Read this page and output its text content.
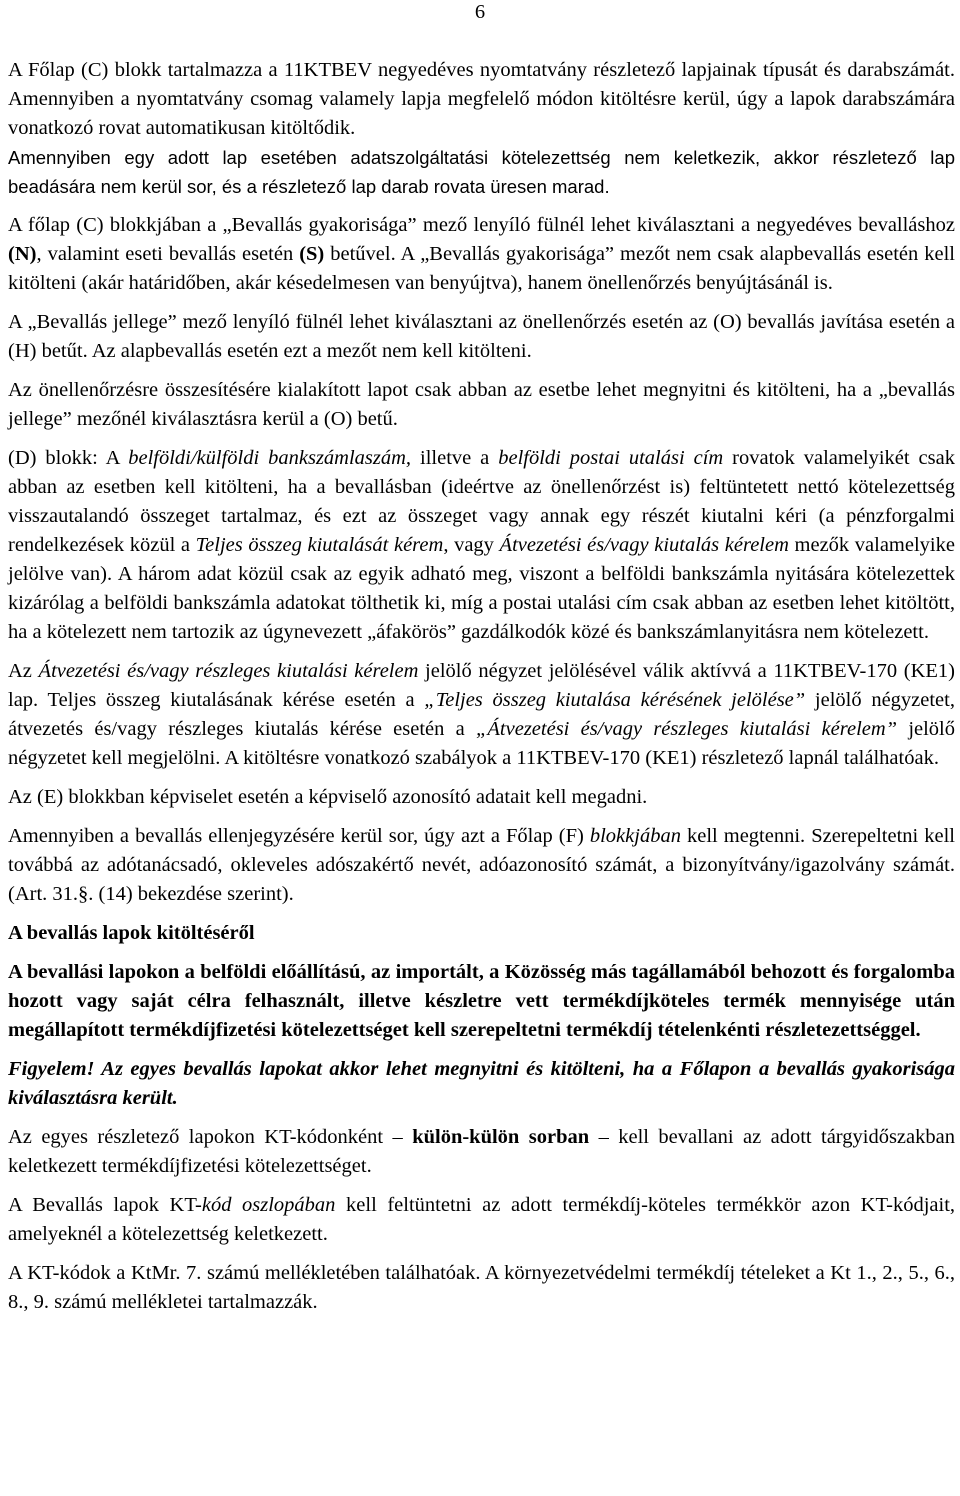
6

A Főlap (C) blokk tartalmazza a 11KTBEV negyedéves nyomtatvány részletező lapjainak típusát és darabszámát. Amennyiben a nyomtatvány csomag valamely lapja megfelelő módon kitöltésre kerül, úgy a lapok darabszámára vonatkozó rovat automatikusan kitöltődik.

Amennyiben egy adott lap esetében adatszolgáltatási kötelezettség nem keletkezik, akkor részletező lap beadására nem kerül sor, és a részletező lap darab rovata üresen marad.

A főlap (C) blokkjában a „Bevallás gyakorisága” mező lenyíló fülnél lehet kiválasztani a negyedéves bevalláshoz (N), valamint eseti bevallás esetén (S) betűvel. A „Bevallás gyakorisága” mezőt nem csak alapbevallás esetén kell kitölteni (akár határidőben, akár késedelmesen van benyújtva), hanem önellenőrzés benyújtásánál is.

A „Bevallás jellege” mező lenyíló fülnél lehet kiválasztani az önellenőrzés esetén az (O) bevallás javítása esetén a (H) betűt. Az alapbevallás esetén ezt a mezőt nem kell kitölteni.

Az önellenőrzésre összesítésére kialakított lapot csak abban az esetbe lehet megnyitni és kitölteni, ha a „bevallás jellege” mezőnél kiválasztásra kerül a (O) betű.

(D) blokk: A belföldi/külföldi bankszámlaszám, illetve a belföldi postai utalási cím rovatok valamelyikét csak abban az esetben kell kitölteni, ha a bevallásban (ideértve az önellenőrzést is) feltüntetett nettó kötelezettség visszautalandó összeget tartalmaz, és ezt az összeget vagy annak egy részét kiutalni kéri (a pénzforgalmi rendelkezések közül a Teljes összeg kiutalását kérem, vagy Átvezetési és/vagy kiutalás kérelem mezők valamelyike jelölve van). A három adat közül csak az egyik adható meg, viszont a belföldi bankszámla nyitására kötelezettek kizárólag a belföldi bankszámla adatokat tölthetik ki, míg a postai utalási cím csak abban az esetben lehet kitöltött, ha a kötelezett nem tartozik az úgynevezett „áfakörös” gazdálkodók közé és bankszámlanyitásra nem kötelezett.

Az Átvezetési és/vagy részleges kiutalási kérelem jelölő négyzet jelölésével válik aktívvá a 11KTBEV-170 (KE1) lap. Teljes összeg kiutalásának kérése esetén a „Teljes összeg kiutalása kérésének jelölése” jelölő négyzetet, átvezetés és/vagy részleges kiutalás kérése esetén a „Átvezetési és/vagy részleges kiutalási kérelem” jelölő négyzetet kell megjelölni. A kitöltésre vonatkozó szabályok a 11KTBEV-170 (KE1) részletező lapnál találhatóak.

Az (E) blokkban képviselet esetén a képviselő azonosító adatait kell megadni.

Amennyiben a bevallás ellenjegyzésére kerül sor, úgy azt a Főlap (F) blokkjában kell megtenni. Szerepeltetni kell továbbá az adótanácsadó, okleveles adószakértő nevét, adóazonosító számát, a bizonyítvány/igazolvány számát. (Art. 31.§. (14) bekezdése szerint).

A bevallás lapok kitöltéséről

A bevallási lapokon a belföldi előállítású, az importált, a Közösség más tagállamából behozott és forgalomba hozott vagy saját célra felhasznált, illetve készletre vett termékdíjköteles termék mennyisége után megállapított termékdíjfizetési kötelezettséget kell szerepeltetni termékdíj tételenkénti részletezettséggel.

Figyelem! Az egyes bevallás lapokat akkor lehet megnyitni és kitölteni, ha a Főlapon a bevallás gyakorisága kiválasztásra került.

Az egyes részletező lapokon KT-kódonként – külön-külön sorban – kell bevallani az adott tárgyidőszakban keletkezett termékdíjfizetési kötelezettséget.

A Bevallás lapok KT-kód oszlopában kell feltüntetni az adott termékdíj-köteles termékkör azon KT-kódjait, amelyeknél a kötelezettség keletkezett.

A KT-kódok a KtMr. 7. számú mellékletében találhatóak. A környezetvédelmi termékdíj tételeket a Kt 1., 2., 5., 6., 8., 9. számú mellékletei tartalmazzák.
